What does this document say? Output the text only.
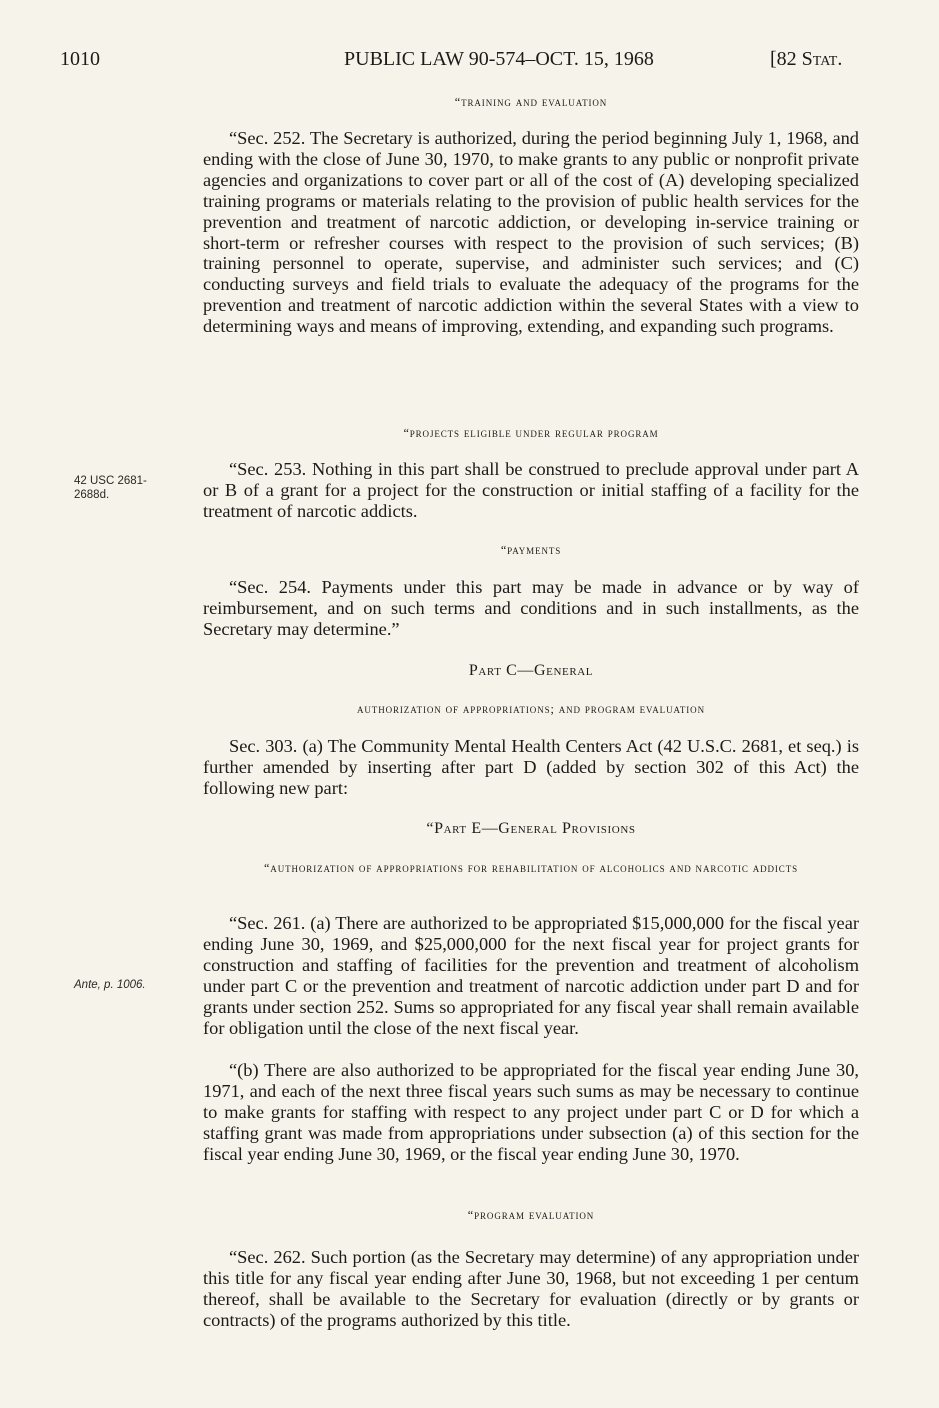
1010	PUBLIC LAW 90-574–OCT. 15, 1968	[82 Stat.

“training and evaluation

“Sec. 252. The Secretary is authorized, during the period beginning July 1, 1968, and ending with the close of June 30, 1970, to make grants to any public or nonprofit private agencies and organizations to cover part or all of the cost of (A) developing specialized training programs or materials relating to the provision of public health services for the prevention and treatment of narcotic addiction, or developing in-service training or short-term or refresher courses with respect to the provision of such services; (B) training personnel to operate, supervise, and administer such services; and (C) conducting surveys and field trials to evaluate the adequacy of the programs for the prevention and treatment of narcotic addiction within the several States with a view to determining ways and means of improving, extending, and expanding such programs.

“projects eligible under regular program

42 USC 2681-
2688d.

“Sec. 253. Nothing in this part shall be construed to preclude approval under part A or B of a grant for a project for the construction or initial staffing of a facility for the treatment of narcotic addicts.

“payments

“Sec. 254. Payments under this part may be made in advance or by way of reimbursement, and on such terms and conditions and in such installments, as the Secretary may determine.”

Part C—General

authorization of appropriations; and program evaluation

Sec. 303. (a) The Community Mental Health Centers Act (42 U.S.C. 2681, et seq.) is further amended by inserting after part D (added by section 302 of this Act) the following new part:

“Part E—General Provisions

“authorization of appropriations for rehabilitation of alcoholics and narcotic addicts

Ante, p. 1006.

“Sec. 261. (a) There are authorized to be appropriated $15,000,000 for the fiscal year ending June 30, 1969, and $25,000,000 for the next fiscal year for project grants for construction and staffing of facilities for the prevention and treatment of alcoholism under part C or the prevention and treatment of narcotic addiction under part D and for grants under section 252. Sums so appropriated for any fiscal year shall remain available for obligation until the close of the next fiscal year.

“(b) There are also authorized to be appropriated for the fiscal year ending June 30, 1971, and each of the next three fiscal years such sums as may be necessary to continue to make grants for staffing with respect to any project under part C or D for which a staffing grant was made from appropriations under subsection (a) of this section for the fiscal year ending June 30, 1969, or the fiscal year ending June 30, 1970.

“program evaluation

“Sec. 262. Such portion (as the Secretary may determine) of any appropriation under this title for any fiscal year ending after June 30, 1968, but not exceeding 1 per centum thereof, shall be available to the Secretary for evaluation (directly or by grants or contracts) of the programs authorized by this title.
